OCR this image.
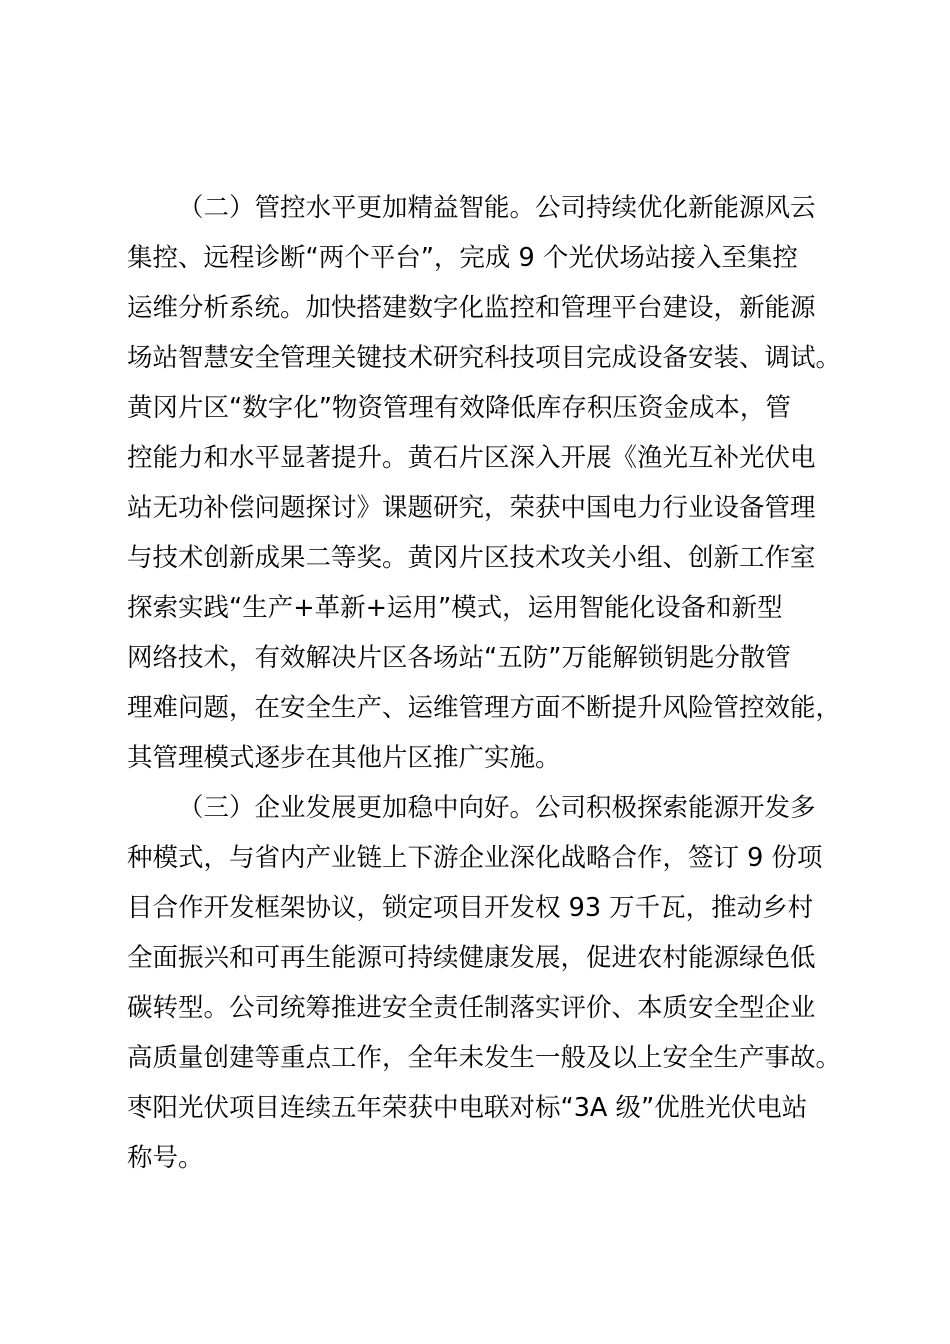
（二）管控水平更加精益智能。公司持续优化新能源风云
集控、远程诊断“两个平台”，完成 9 个光伏场站接入至集控
运维分析系统。加快搭建数字化监控和管理平台建设，新能源
场站智慧安全管理关键技术研究科技项目完成设备安装、调试。
黄冈片区“数字化”物资管理有效降低库存积压资金成本，管
控能力和水平显著提升。黄石片区深入开展《渔光互补光伏电
站无功补偿问题探讨》课题研究，荣获中国电力行业设备管理
与技术创新成果二等奖。黄冈片区技术攻关小组、创新工作室
探索实践“生产+革新+运用”模式，运用智能化设备和新型
网络技术，有效解决片区各场站“五防”万能解锁钥匙分散管
理难问题，在安全生产、运维管理方面不断提升风险管控效能，
其管理模式逐步在其他片区推广实施。
（三）企业发展更加稳中向好。公司积极探索能源开发多
种模式，与省内产业链上下游企业深化战略合作，签订 9 份项
目合作开发框架协议，锁定项目开发权 93 万千瓦，推动乡村
全面振兴和可再生能源可持续健康发展，促进农村能源绿色低
碳转型。公司统筹推进安全责任制落实评价、本质安全型企业
高质量创建等重点工作，全年未发生一般及以上安全生产事故。
枣阳光伏项目连续五年荣获中电联对标“3A 级”优胜光伏电站
称号。
